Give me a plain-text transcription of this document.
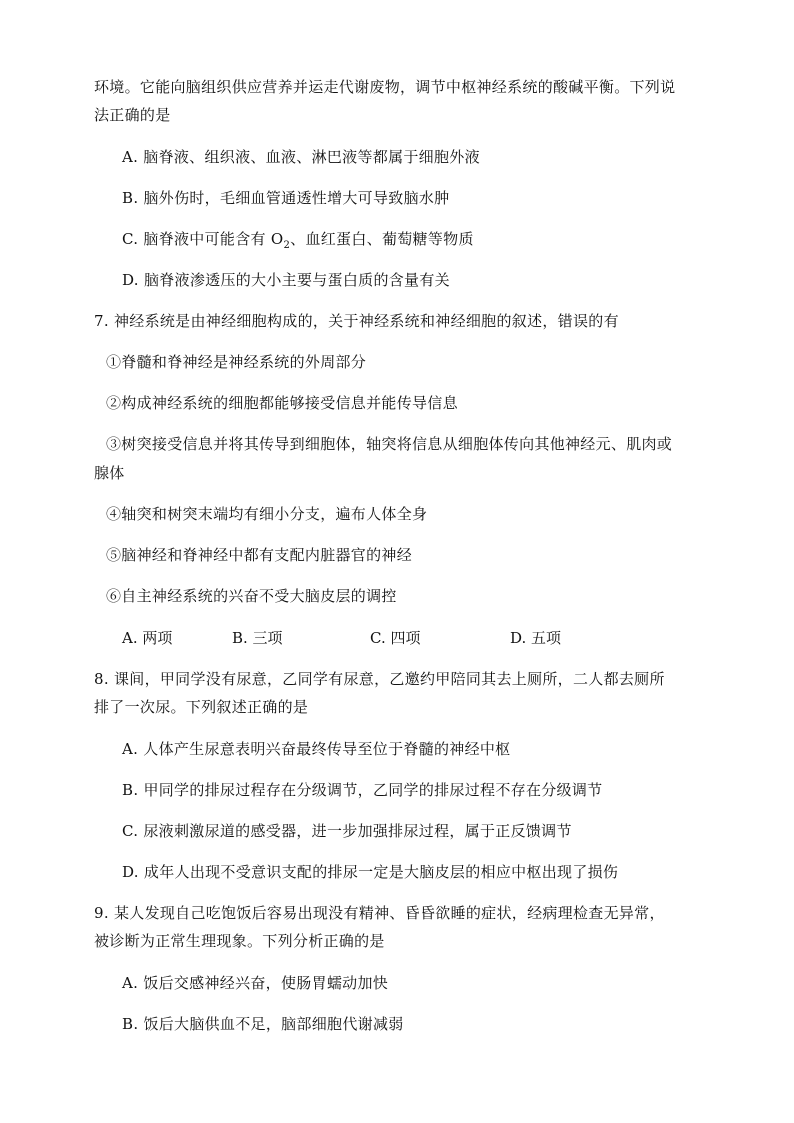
环境。它能向脑组织供应营养并运走代谢废物，调节中枢神经系统的酸碱平衡。下列说
法正确的是
A. 脑脊液、组织液、血液、淋巴液等都属于细胞外液
B. 脑外伤时，毛细血管通透性增大可导致脑水肿
C. 脑脊液中可能含有 $O_2$、血红蛋白、葡萄糖等物质
D. 脑脊液渗透压的大小主要与蛋白质的含量有关
7. 神经系统是由神经细胞构成的，关于神经系统和神经细胞的叙述，错误的有
①脊髓和脊神经是神经系统的外周部分
②构成神经系统的细胞都能够接受信息并能传导信息
③树突接受信息并将其传导到细胞体，轴突将信息从细胞体传向其他神经元、肌肉或
腺体
④轴突和树突末端均有细小分支，遍布人体全身
⑤脑神经和脊神经中都有支配内脏器官的神经
⑥自主神经系统的兴奋不受大脑皮层的调控
A. 两项	B. 三项	C. 四项	D. 五项
8. 课间，甲同学没有尿意，乙同学有尿意，乙邀约甲陪同其去上厕所，二人都去厕所
排了一次尿。下列叙述正确的是
A. 人体产生尿意表明兴奋最终传导至位于脊髓的神经中枢
B. 甲同学的排尿过程存在分级调节，乙同学的排尿过程不存在分级调节
C. 尿液刺激尿道的感受器，进一步加强排尿过程，属于正反馈调节
D. 成年人出现不受意识支配的排尿一定是大脑皮层的相应中枢出现了损伤
9. 某人发现自己吃饱饭后容易出现没有精神、昏昏欲睡的症状，经病理检查无异常，
被诊断为正常生理现象。下列分析正确的是
A. 饭后交感神经兴奋，使肠胃蠕动加快
B. 饭后大脑供血不足，脑部细胞代谢减弱
